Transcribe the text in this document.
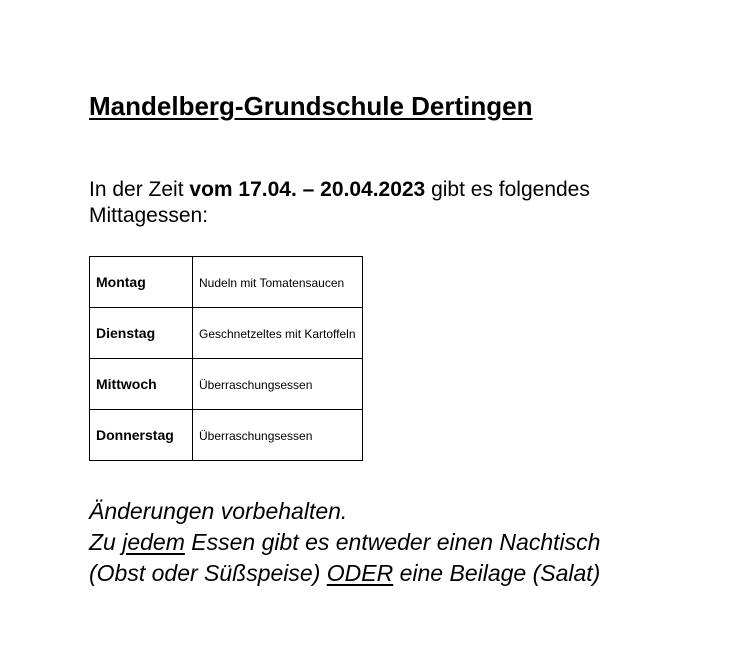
Mandelberg-Grundschule Dertingen

In der Zeit vom 17.04. – 20.04.2023 gibt es folgendes Mittagessen:

Montag	Nudeln mit Tomatensaucen
Dienstag	Geschnetzeltes mit Kartoffeln
Mittwoch	Überraschungsessen
Donnerstag	Überraschungsessen

Änderungen vorbehalten.
Zu jedem Essen gibt es entweder einen Nachtisch
(Obst oder Süßspeise) ODER eine Beilage (Salat)
